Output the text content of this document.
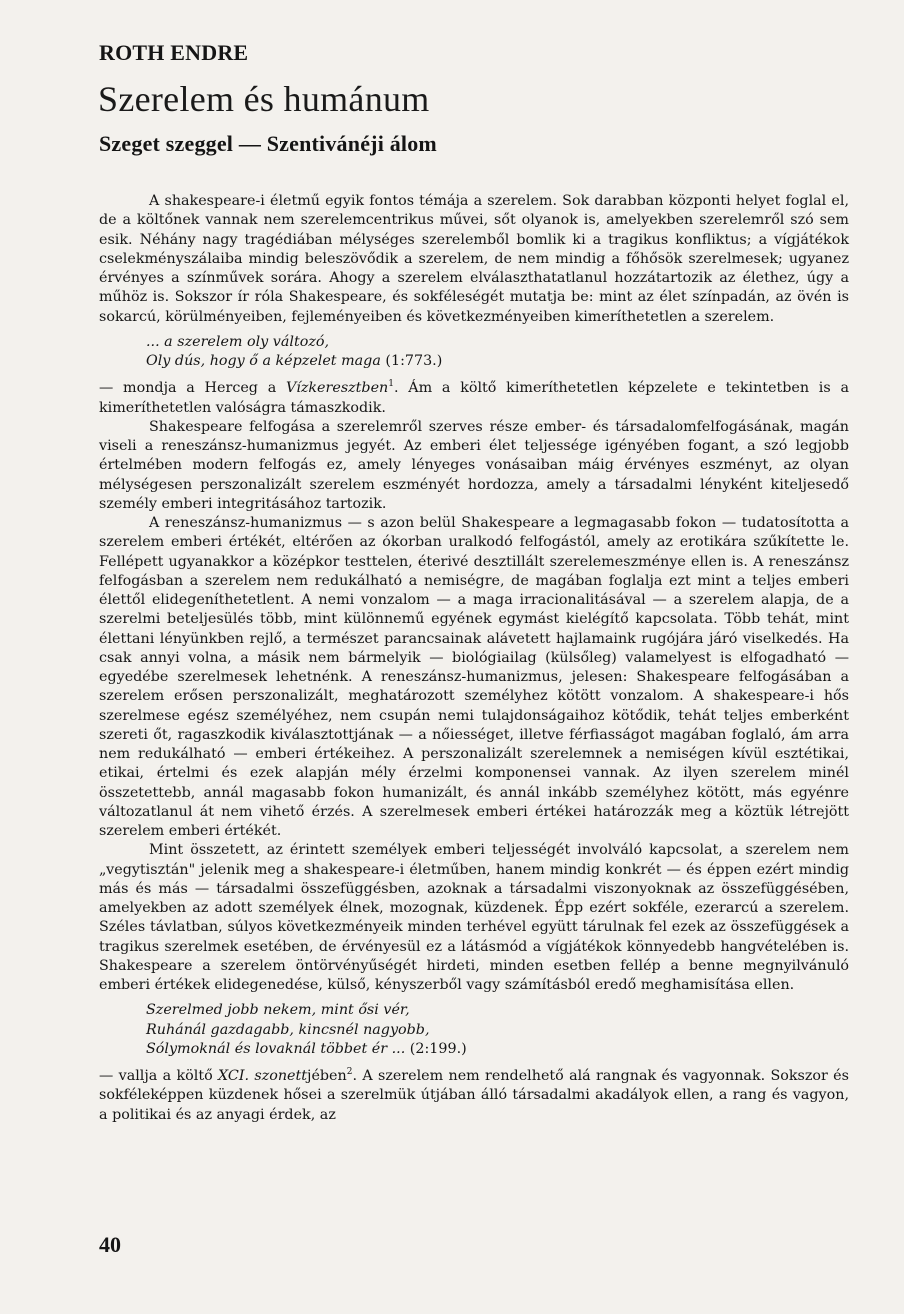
ROTH ENDRE
Szerelem és humánum
Szeget szeggel — Szentivánéji álom

A shakespeare-i életmű egyik fontos témája a szerelem. Sok darabban központi helyet foglal el, de a költőnek vannak nem szerelemcentrikus művei, sőt olyanok is, amelyekben szerelemről szó sem esik. Néhány nagy tragédiában mélységes szerelemből bomlik ki a tragikus konfliktus; a vígjátékok cselekményszálaiba mindig beleszövődik a szerelem, de nem mindig a főhősök szerelmesek; ugyanez érvényes a színművek sorára. Ahogy a szerelem elválaszthatatlanul hozzátartozik az élethez, úgy a műhöz is. Sokszor ír róla Shakespeare, és sokféleségét mutatja be: mint az élet színpadán, az övén is sokarcú, körülményeiben, fejleményeiben és következményeiben kimeríthetetlen a szerelem.

... a szerelem oly változó,
Oly dús, hogy ő a képzelet maga (1:773.)

— mondja a Herceg a Vízkeresztben$^1$. Ám a költő kimeríthetetlen képzelete e tekintetben is a kimeríthetetlen valóságra támaszkodik.

Shakespeare felfogása a szerelemről szerves része ember- és társadalomfelfogásának, magán viseli a reneszánsz-humanizmus jegyét. Az emberi élet teljessége igényében fogant, a szó legjobb értelmében modern felfogás ez, amely lényeges vonásaiban máig érvényes eszményt, az olyan mélységesen perszonalizált szerelem eszményét hordozza, amely a társadalmi lényként kiteljesedő személy emberi integritásához tartozik.

A reneszánsz-humanizmus — s azon belül Shakespeare a legmagasabb fokon — tudatosította a szerelem emberi értékét, eltérően az ókorban uralkodó felfogástól, amely az erotikára szűkítette le. Fellépett ugyanakkor a középkor testtelen, éterivé desztillált szerelemeszménye ellen is. A reneszánsz felfogásban a szerelem nem redukálható a nemiségre, de magában foglalja ezt mint a teljes emberi élettől elidegeníthetetlent. A nemi vonzalom — a maga irracionalitásával — a szerelem alapja, de a szerelmi beteljesülés több, mint különnemű egyének egymást kielégítő kapcsolata. Több tehát, mint élettani lényünkben rejlő, a természet parancsainak alávetett hajlamaink rugójára járó viselkedés. Ha csak annyi volna, a másik nem bármelyik — biológiailag (külsőleg) valamelyest is elfogadható — egyedébe szerelmesek lehetnénk. A reneszánsz-humanizmus, jelesen: Shakespeare felfogásában a szerelem erősen perszonalizált, meghatározott személyhez kötött vonzalom. A shakespeare-i hős szerelmese egész személyéhez, nem csupán nemi tulajdonságaihoz kötődik, tehát teljes emberként szereti őt, ragaszkodik kiválasztottjának — a nőiességet, illetve férfiasságot magában foglaló, ám arra nem redukálható — emberi értékeihez. A perszonalizált szerelemnek a nemiségen kívül esztétikai, etikai, értelmi és ezek alapján mély érzelmi komponensei vannak. Az ilyen szerelem minél összetettebb, annál magasabb fokon humanizált, és annál inkább személyhez kötött, más egyénre változatlanul át nem vihető érzés. A szerelmesek emberi értékei határozzák meg a köztük létrejött szerelem emberi értékét.

Mint összetett, az érintett személyek emberi teljességét involváló kapcsolat, a szerelem nem „vegytisztán" jelenik meg a shakespeare-i életműben, hanem mindig konkrét — és éppen ezért mindig más és más — társadalmi összefüggésben, azoknak a társadalmi viszonyoknak az összefüggésében, amelyekben az adott személyek élnek, mozognak, küzdenek. Épp ezért sokféle, ezerarcú a szerelem. Széles távlatban, súlyos következményeik minden terhével együtt tárulnak fel ezek az összefüggések a tragikus szerelmek esetében, de érvényesül ez a látásmód a vígjátékok könnyedebb hangvételében is. Shakespeare a szerelem öntörvényűségét hirdeti, minden esetben fellép a benne megnyilvánuló emberi értékek elidegenedése, külső, kényszerből vagy számításból eredő meghamisítása ellen.

Szerelmed jobb nekem, mint ősi vér,
Ruhánál gazdagabb, kincsnél nagyobb,
Sólymoknál és lovaknál többet ér ... (2:199.)

— vallja a költő XCI. szonettjében$^2$. A szerelem nem rendelhető alá rangnak és vagyonnak. Sokszor és sokféleképpen küzdenek hősei a szerelmük útjában álló társadalmi akadályok ellen, a rang és vagyon, a politikai és az anyagi érdek, az

40
